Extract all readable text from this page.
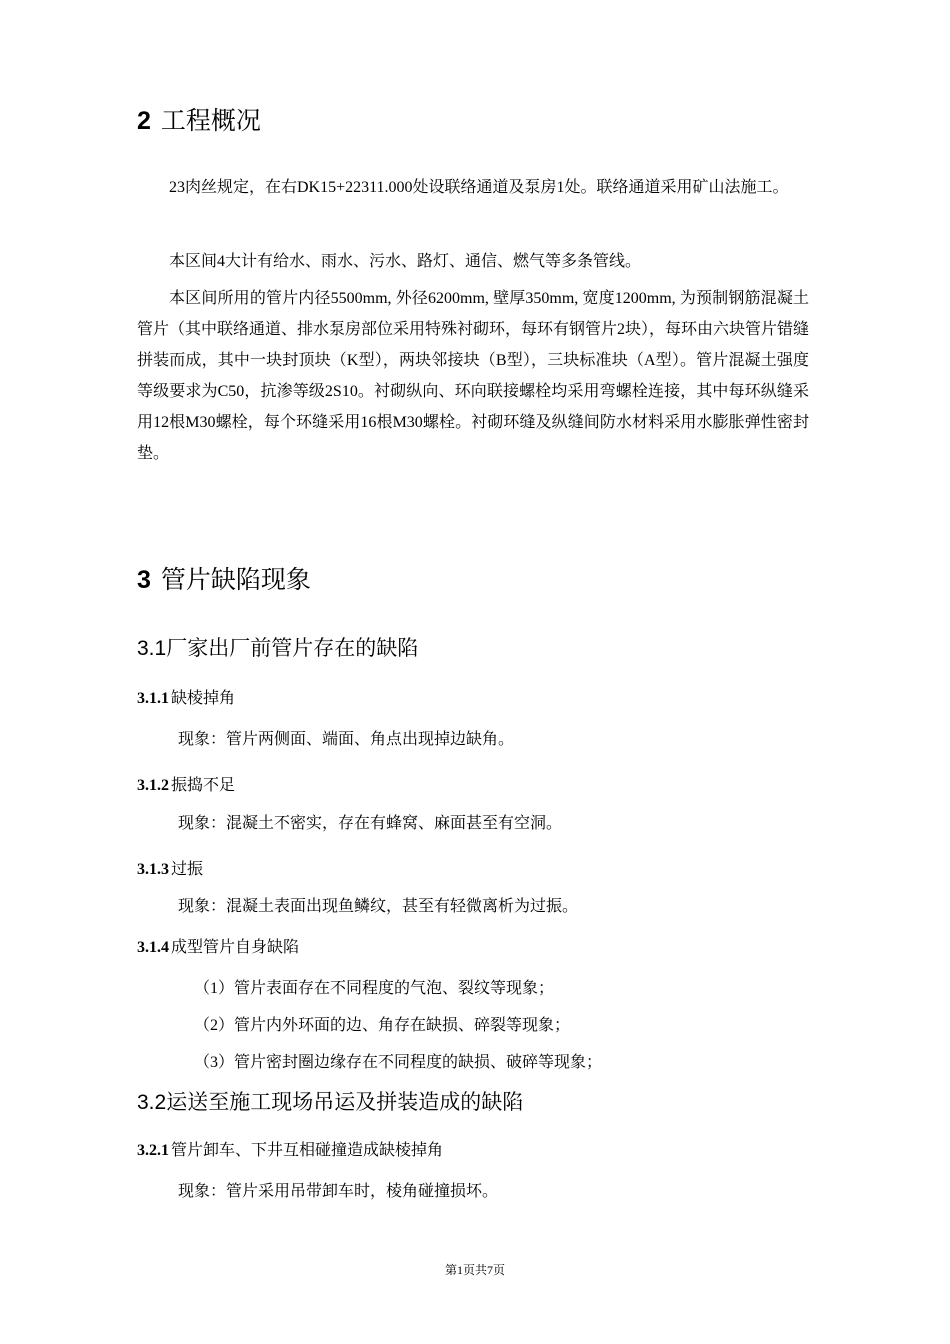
2 工程概况

23肉丝规定，在右DK15+22311.000处设联络通道及泵房1处。联络通道采用矿山法施工。

本区间4大计有给水、雨水、污水、路灯、通信、燃气等多条管线。

本区间所用的管片内径5500mm, 外径6200mm, 壁厚350mm, 宽度1200mm, 为预制钢筋混凝土管片（其中联络通道、排水泵房部位采用特殊衬砌环，每环有钢管片2块），每环由六块管片错缝拼装而成，其中一块封顶块（K型），两块邻接块（B型），三块标准块（A型）。管片混凝土强度等级要求为C50，抗渗等级2S10。衬砌纵向、环向联接螺栓均采用弯螺栓连接，其中每环纵缝采用12根M30螺栓，每个环缝采用16根M30螺栓。衬砌环缝及纵缝间防水材料采用水膨胀弹性密封垫。

3 管片缺陷现象
3.1厂家出厂前管片存在的缺陷
3.1.1 缺棱掉角
现象：管片两侧面、端面、角点出现掉边缺角。
3.1.2 振捣不足
现象：混凝土不密实，存在有蜂窝、麻面甚至有空洞。
3.1.3 过振
现象：混凝土表面出现鱼鳞纹，甚至有轻微离析为过振。
3.1.4 成型管片自身缺陷
（1）管片表面存在不同程度的气泡、裂纹等现象；
（2）管片内外环面的边、角存在缺损、碎裂等现象；
（3）管片密封圈边缘存在不同程度的缺损、破碎等现象；
3.2运送至施工现场吊运及拼装造成的缺陷
3.2.1 管片卸车、下井互相碰撞造成缺棱掉角
现象：管片采用吊带卸车时，棱角碰撞损坏。
第1页共7页
